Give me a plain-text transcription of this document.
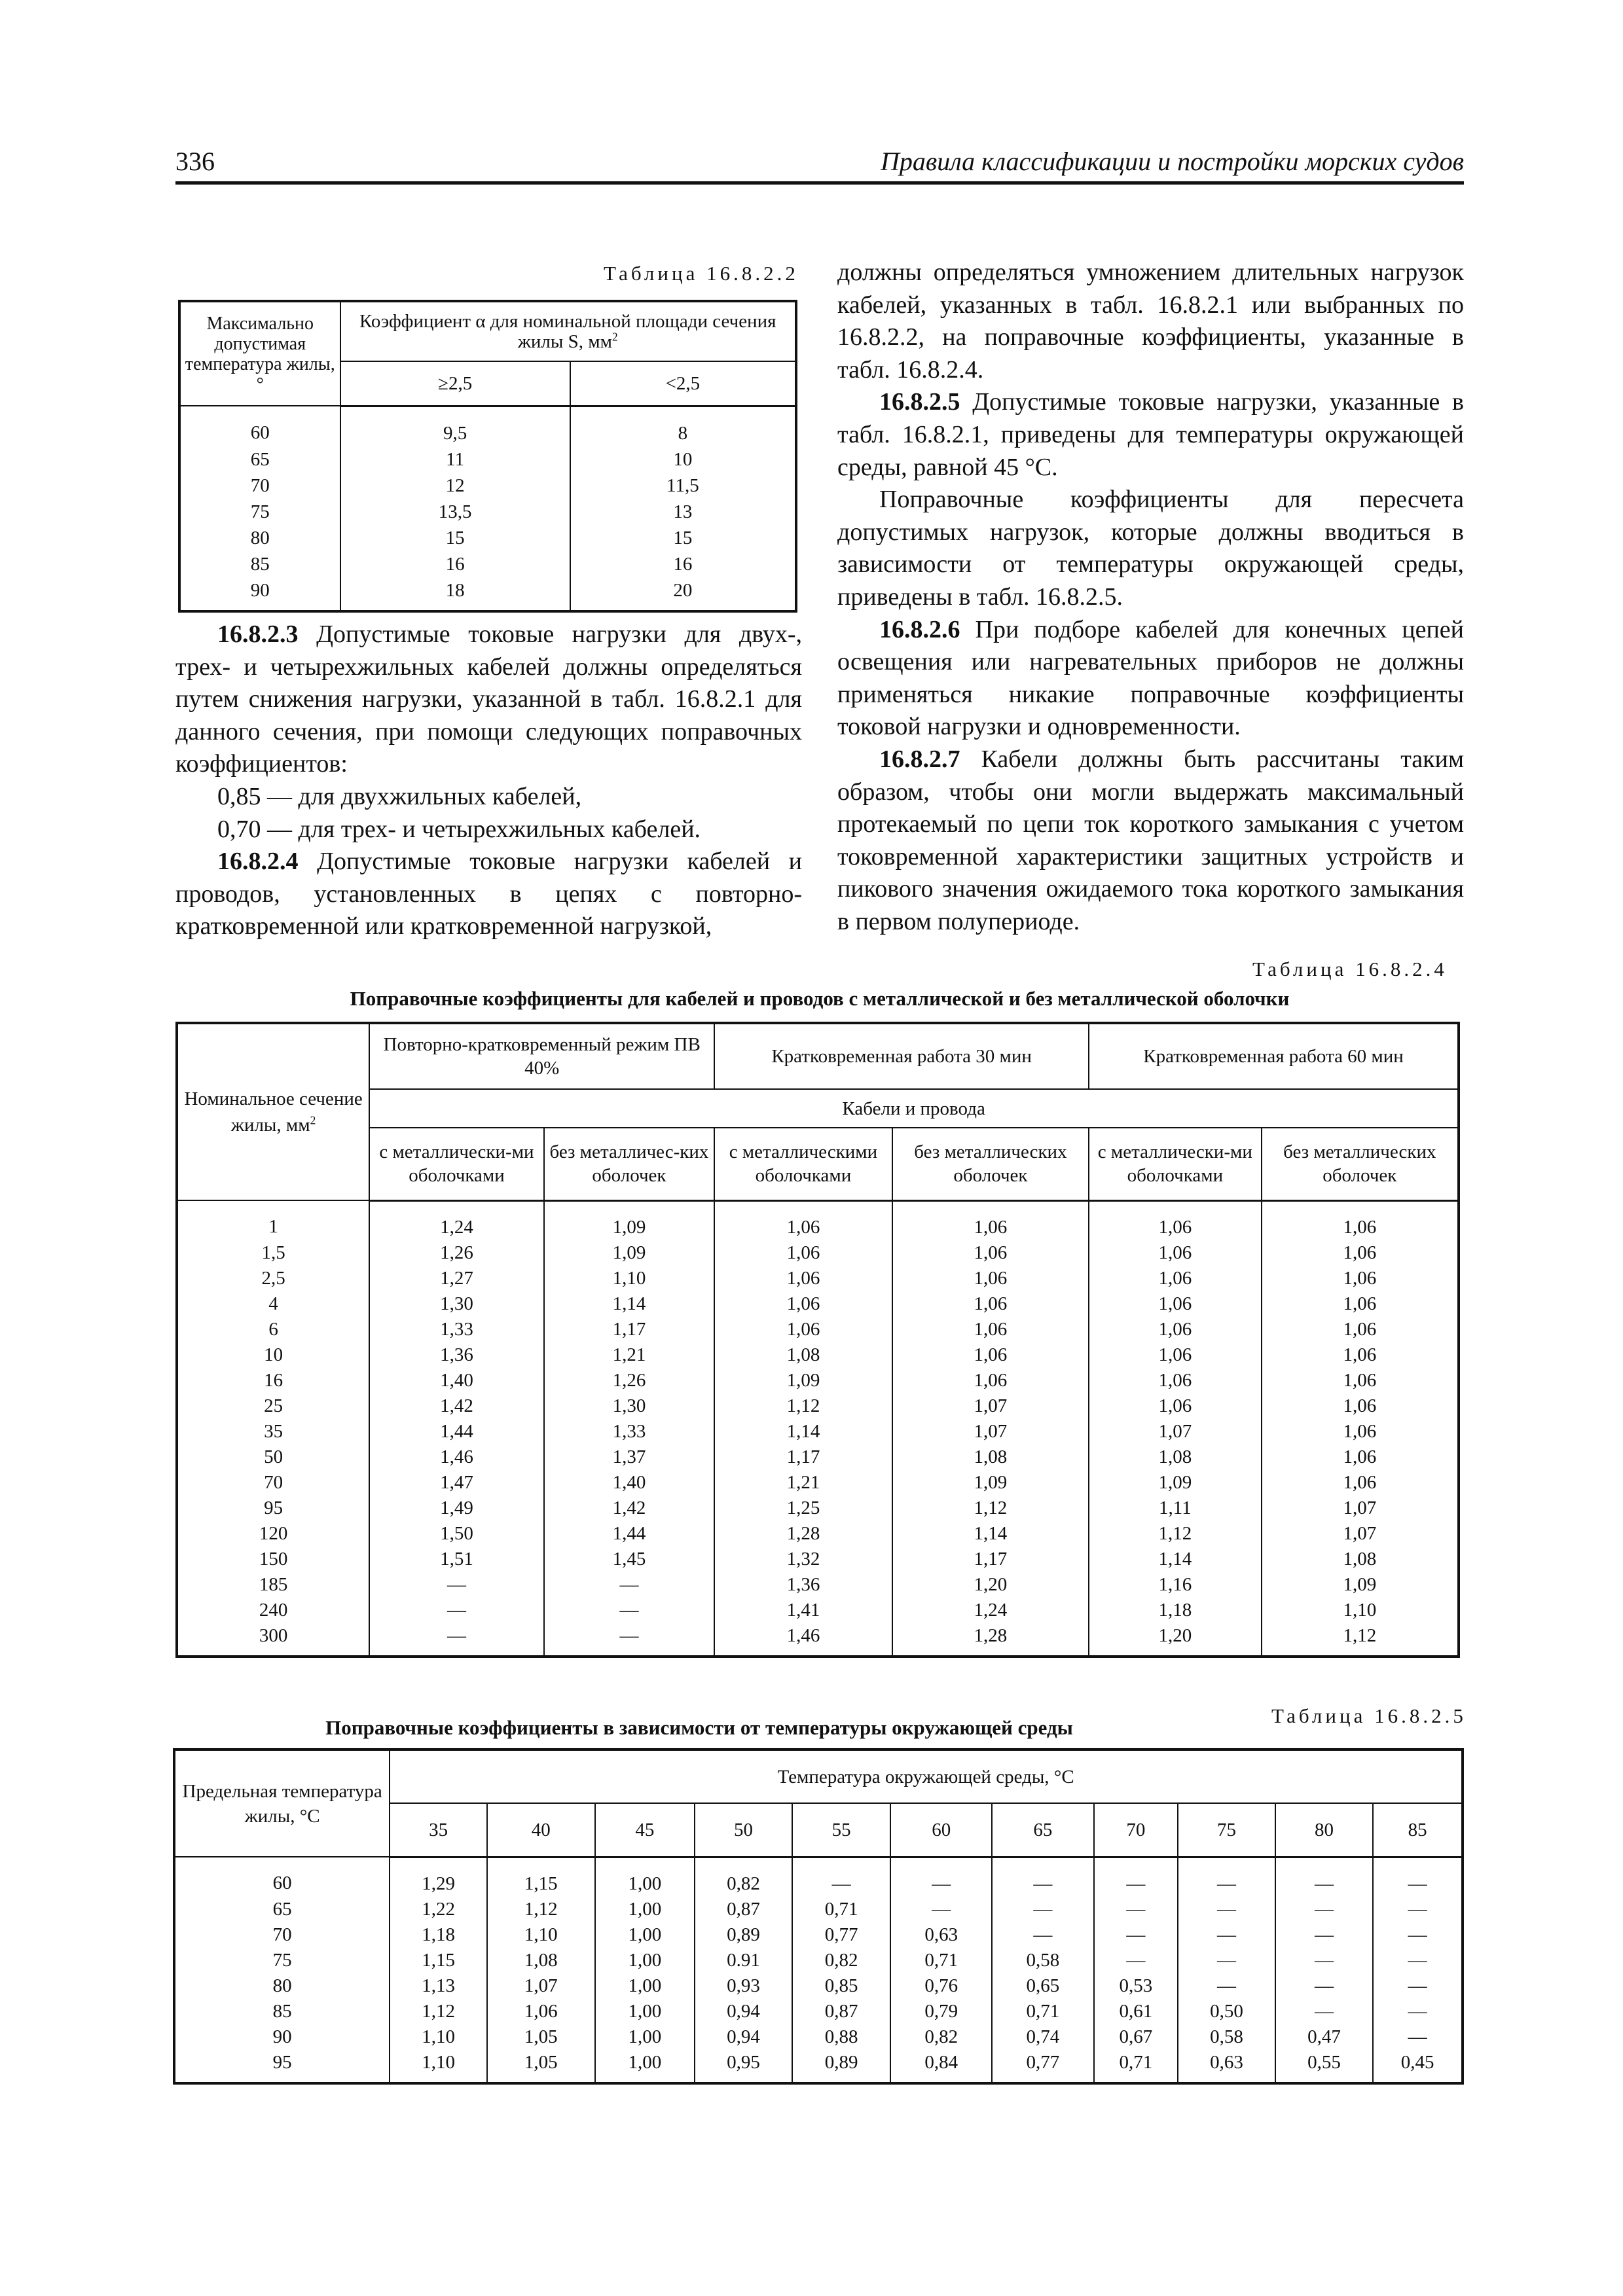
336	Правила классификации и постройки морских судов
Таблица 16.8.2.2
Максимально допустимая температура жилы, °	Коэффициент α для номинальной площади сечения жилы S, $мм^2$
	≥2,5	<2,5
60	9,5	8
65	11	10
70	12	11,5
75	13,5	13
80	15	15
85	16	16
90	18	20

16.8.2.3 Допустимые токовые нагрузки для двух-, трех- и четырехжильных кабелей должны определяться путем снижения нагрузки, указанной в табл. 16.8.2.1 для данного сечения, при помощи следующих поправочных коэффициентов:

0,85 — для двухжильных кабелей,

0,70 — для трех- и четырехжильных кабелей.

16.8.2.4 Допустимые токовые нагрузки кабелей и проводов, установленных в цепях с повторно-кратковременной или кратковременной нагрузкой,

должны определяться умножением длительных нагрузок кабелей, указанных в табл. 16.8.2.1 или выбранных по 16.8.2.2, на поправочные коэффициенты, указанные в табл. 16.8.2.4.

16.8.2.5 Допустимые токовые нагрузки, указанные в табл. 16.8.2.1, приведены для температуры окружающей среды, равной 45 °C.

Поправочные коэффициенты для пересчета допустимых нагрузок, которые должны вводиться в зависимости от температуры окружающей среды, приведены в табл. 16.8.2.5.

16.8.2.6 При подборе кабелей для конечных цепей освещения или нагревательных приборов не должны применяться никакие поправочные коэффициенты токовой нагрузки и одновременности.

16.8.2.7 Кабели должны быть рассчитаны таким образом, чтобы они могли выдержать максимальный протекаемый по цепи ток короткого замыкания с учетом токовременной характеристики защитных устройств и пикового значения ожидаемого тока короткого замыкания в первом полупериоде.

Таблица 16.8.2.4
Поправочные коэффициенты для кабелей и проводов с металлической и без металлической оболочки
Номинальное сечение жилы, $мм^2$	Повторно-кратковременный режим ПВ 40%		Кратковременная работа 30 мин		Кратковременная работа 60 мин	
	Кабели и провода					
	с металлически-ми оболочками	без металличес-ких оболочек	с металлическими оболочками	без металлических оболочек	с металлически-ми оболочками	без металлических оболочек
1	1,24	1,09	1,06	1,06	1,06	1,06
1,5	1,26	1,09	1,06	1,06	1,06	1,06
2,5	1,27	1,10	1,06	1,06	1,06	1,06
4	1,30	1,14	1,06	1,06	1,06	1,06
6	1,33	1,17	1,06	1,06	1,06	1,06
10	1,36	1,21	1,08	1,06	1,06	1,06
16	1,40	1,26	1,09	1,06	1,06	1,06
25	1,42	1,30	1,12	1,07	1,06	1,06
35	1,44	1,33	1,14	1,07	1,07	1,06
50	1,46	1,37	1,17	1,08	1,08	1,06
70	1,47	1,40	1,21	1,09	1,09	1,06
95	1,49	1,42	1,25	1,12	1,11	1,07
120	1,50	1,44	1,28	1,14	1,12	1,07
150	1,51	1,45	1,32	1,17	1,14	1,08
185	—	—	1,36	1,20	1,16	1,09
240	—	—	1,41	1,24	1,18	1,10
300	—	—	1,46	1,28	1,20	1,12
Поправочные коэффициенты в зависимости от температуры окружающей среды
Таблица 16.8.2.5
Предельная температура жилы, °C	Температура окружающей среды, °C										
	35	40	45	50	55	60	65	70	75	80	85
60	1,29	1,15	1,00	0,82	—	—	—	—	—	—	—
65	1,22	1,12	1,00	0,87	0,71	—	—	—	—	—	—
70	1,18	1,10	1,00	0,89	0,77	0,63	—	—	—	—	—
75	1,15	1,08	1,00	0.91	0,82	0,71	0,58	—	—	—	—
80	1,13	1,07	1,00	0,93	0,85	0,76	0,65	0,53	—	—	—
85	1,12	1,06	1,00	0,94	0,87	0,79	0,71	0,61	0,50	—	—
90	1,10	1,05	1,00	0,94	0,88	0,82	0,74	0,67	0,58	0,47	—
95	1,10	1,05	1,00	0,95	0,89	0,84	0,77	0,71	0,63	0,55	0,45
